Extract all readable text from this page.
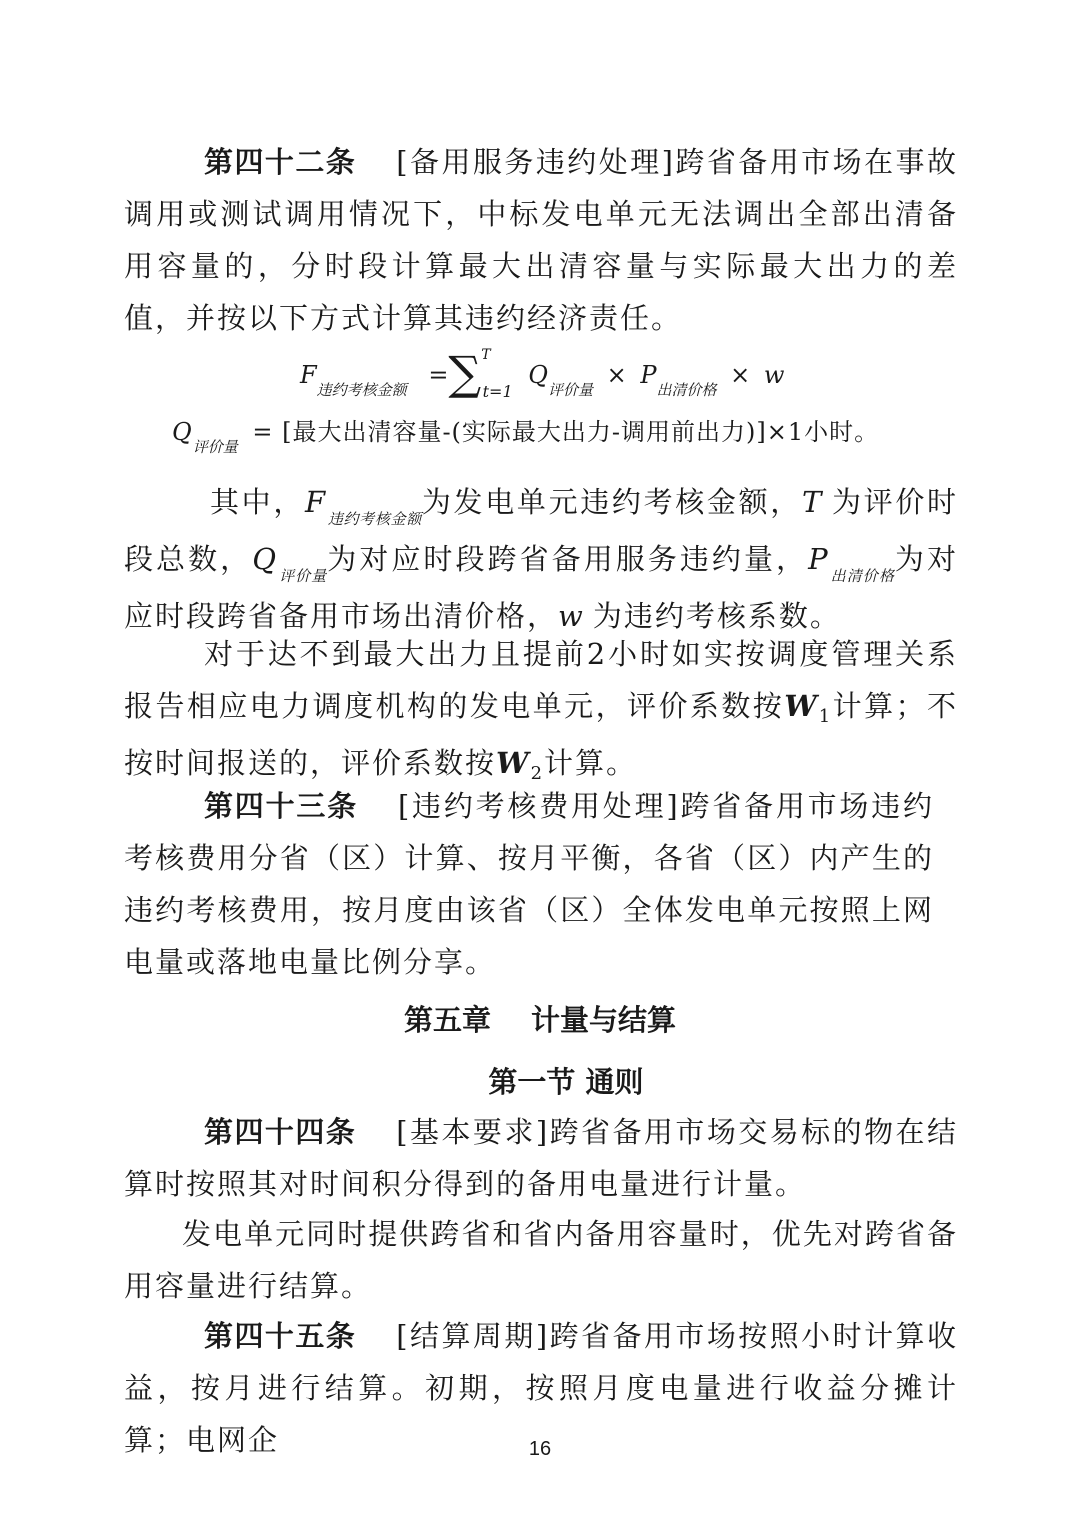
第四十二条 [备用服务违约处理]跨省备用市场在事故调用或测试调用情况下，中标发电单元无法调出全部出清备用容量的，分时段计算最大出清容量与实际最大出力的差值，并按以下方式计算其违约经济责任。

$F_{违约考核金额} =\sum^T_{t=1}$ $Q_{评价量} \times P_{出清价格} \times w$
$Q_{评价量}$ = [最大出清容量-(实际最大出力-调用前出力)]×1小时。

其中，$F_{违约考核金额}$为发电单元违约考核金额，T 为评价时段总数，$Q_{评价量}$为对应时段跨省备用服务违约量，$P_{出清价格}$为对应时段跨省备用市场出清价格，w 为违约考核系数。

对于达不到最大出力且提前2小时如实按调度管理关系报告相应电力调度机构的发电单元，评价系数按$W_1$计算；不按时间报送的，评价系数按$W_2$计算。

第四十三条 [违约考核费用处理]跨省备用市场违约考核费用分省（区）计算、按月平衡，各省（区）内产生的违约考核费用，按月度由该省（区）全体发电单元按照上网电量或落地电量比例分享。

第五章 计量与结算
第一节 通则

第四十四条 [基本要求]跨省备用市场交易标的物在结算时按照其对时间积分得到的备用电量进行计量。

发电单元同时提供跨省和省内备用容量时，优先对跨省备用容量进行结算。

第四十五条 [结算周期]跨省备用市场按照小时计算收益，按月进行结算。初期，按照月度电量进行收益分摊计算；电网企	16
